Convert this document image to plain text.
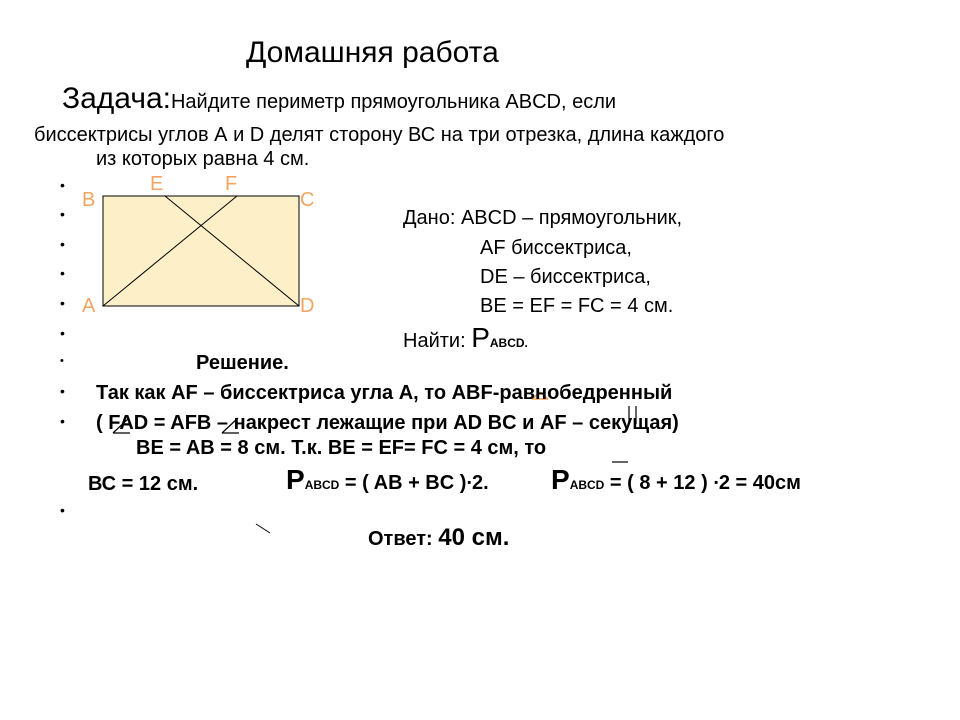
Домашняя работа
Задача:Найдите периметр прямоугольника ABCD, если
биссектрисы углов А и D делят сторону ВС на три отрезка, длина каждого
из которых равна 4 см.
•
•
•
•
•
•
•
•
•
•
B
E	F
C
A	D
Дано: ABCD – прямоугольник,
AF биссектриса,
DE – биссектриса,
BE = EF = FC = 4 см.
Найти: PABCD.
Решение.
Так как AF – биссектриса угла А, то ABF-равнобедренный
( FAD = AFB – накрест лежащие при AD BC и AF – секущая)
BE = AB = 8 см. Т.к. BE = EF= FC = 4 см, то
ВС = 12 см.	PABCD = ( AB + BC )∙2. PABCD = ( 8 + 12 ) ∙2 = 40см
Ответ: 40 см.
